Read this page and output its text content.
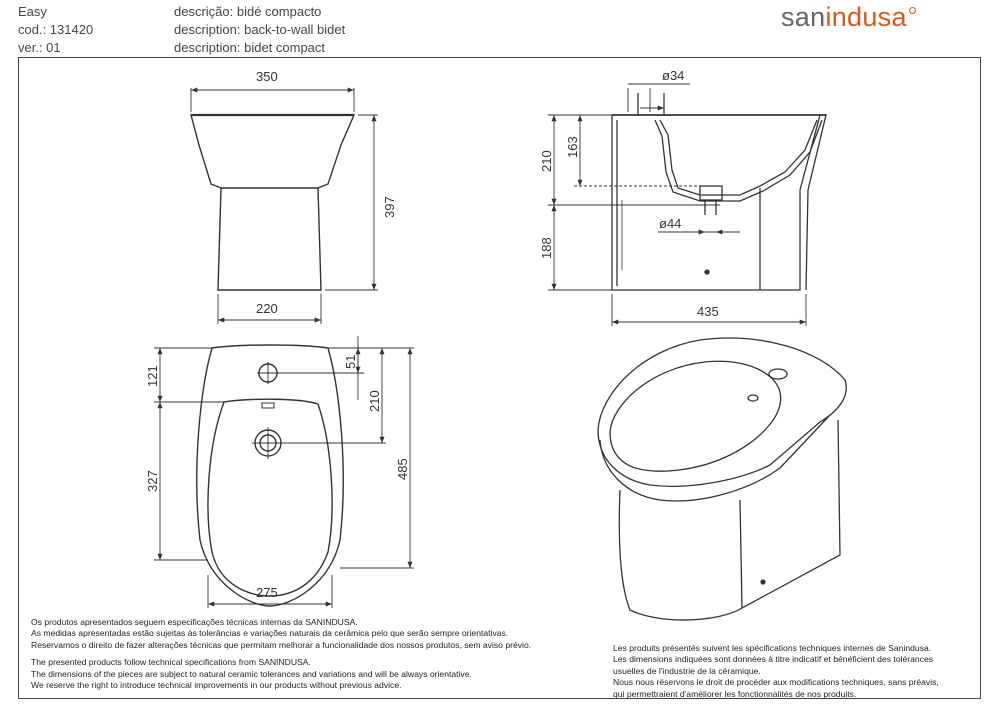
Easy
cod.: 131420
ver.: 01
descrição: bidé compacto
description: back-to-wall bidet
description: bidet compact
sanindusa
350
397
220
ø34
163
210
ø44
188
435
121
51
210
327
485
275
Os produtos apresentados seguem especificações técnicas internas da SANINDUSA.
As medidas apresentadas estão sujeitas às tolerâncias e variações naturais da cerâmica pelo que serão sempre orientativas.
Reservamos o direito de fazer alterações técnicas que permitam melhorar a funcionalidade dos nossos produtos, sem aviso prévio.
The presented products follow technical specifications from SANINDUSA.
The dimensions of the pieces are subject to natural ceramic tolerances and variations and will be always orientative.
We reserve the right to introduce technical improvements in our products without previous advice.
Les produits présentés suivent les spécifications techniques internes de Sanindusa.
Les dimensions indiquées sont données à titre indicatif et bénéficient des tolérances
usuelles de l'industrie de la céramique.
Nous nous réservons le droit de procéder aux modifications techniques, sans préavis,
qui permettraient d'améliorer les fonctionnalités de nos produits.
